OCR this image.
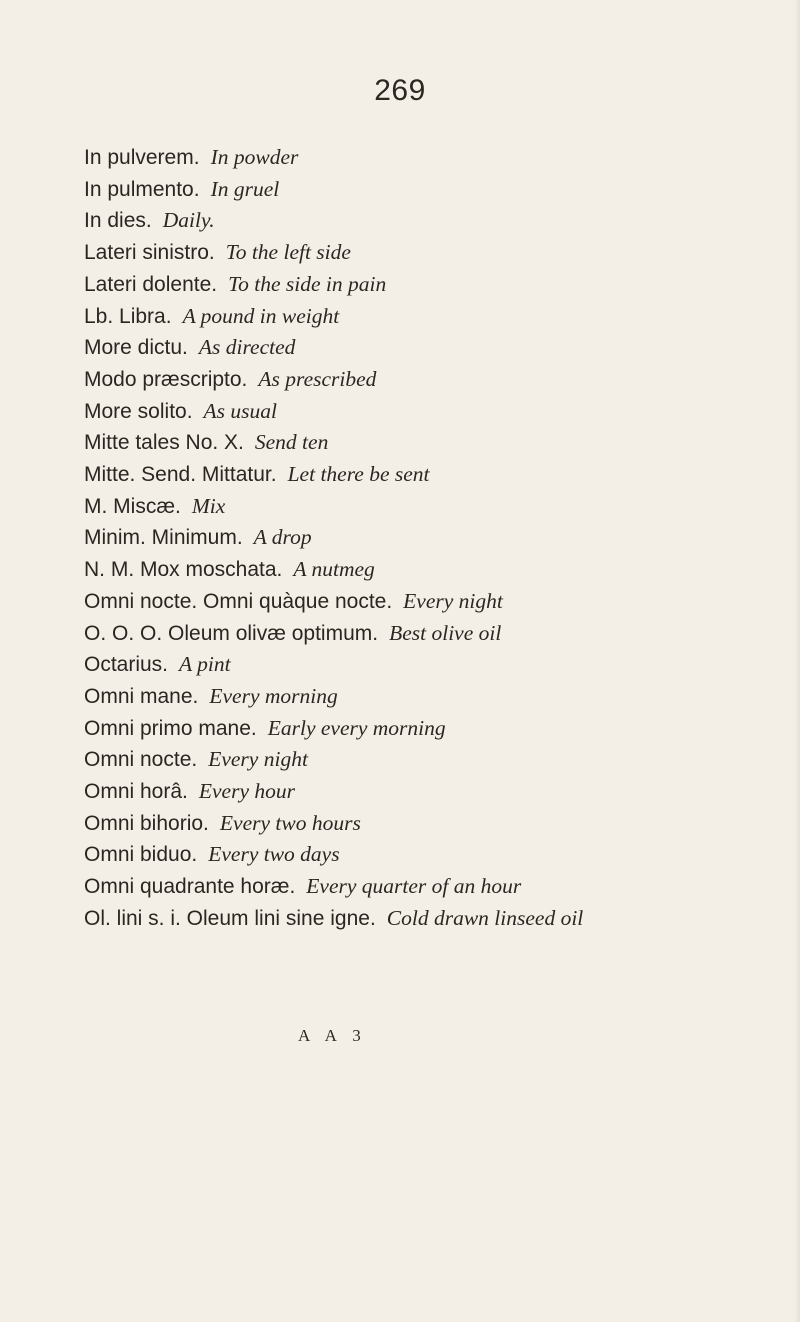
269
In pulverem. In powder
In pulmento. In gruel
In dies. Daily.
Lateri sinistro. To the left side
Lateri dolente. To the side in pain
Lb. Libra. A pound in weight
More dictu. As directed
Modo præscripto. As prescribed
More solito. As usual
Mitte tales No. X. Send ten
Mitte. Send. Mittatur. Let there be sent
M. Miscæ. Mix
Minim. Minimum. A drop
N. M. Mox moschata. A nutmeg
Omni nocte. Omni quàque nocte. Every night
O. O. O. Oleum olivæ optimum. Best olive oil
Octarius. A pint
Omni mane. Every morning
Omni primo mane. Early every morning
Omni nocte. Every night
Omni horâ. Every hour
Omni bihorio. Every two hours
Omni biduo. Every two days
Omni quadrante horæ. Every quarter of an hour
Ol. lini s. i. Oleum lini sine igne. Cold drawn linseed oil
A A 3
